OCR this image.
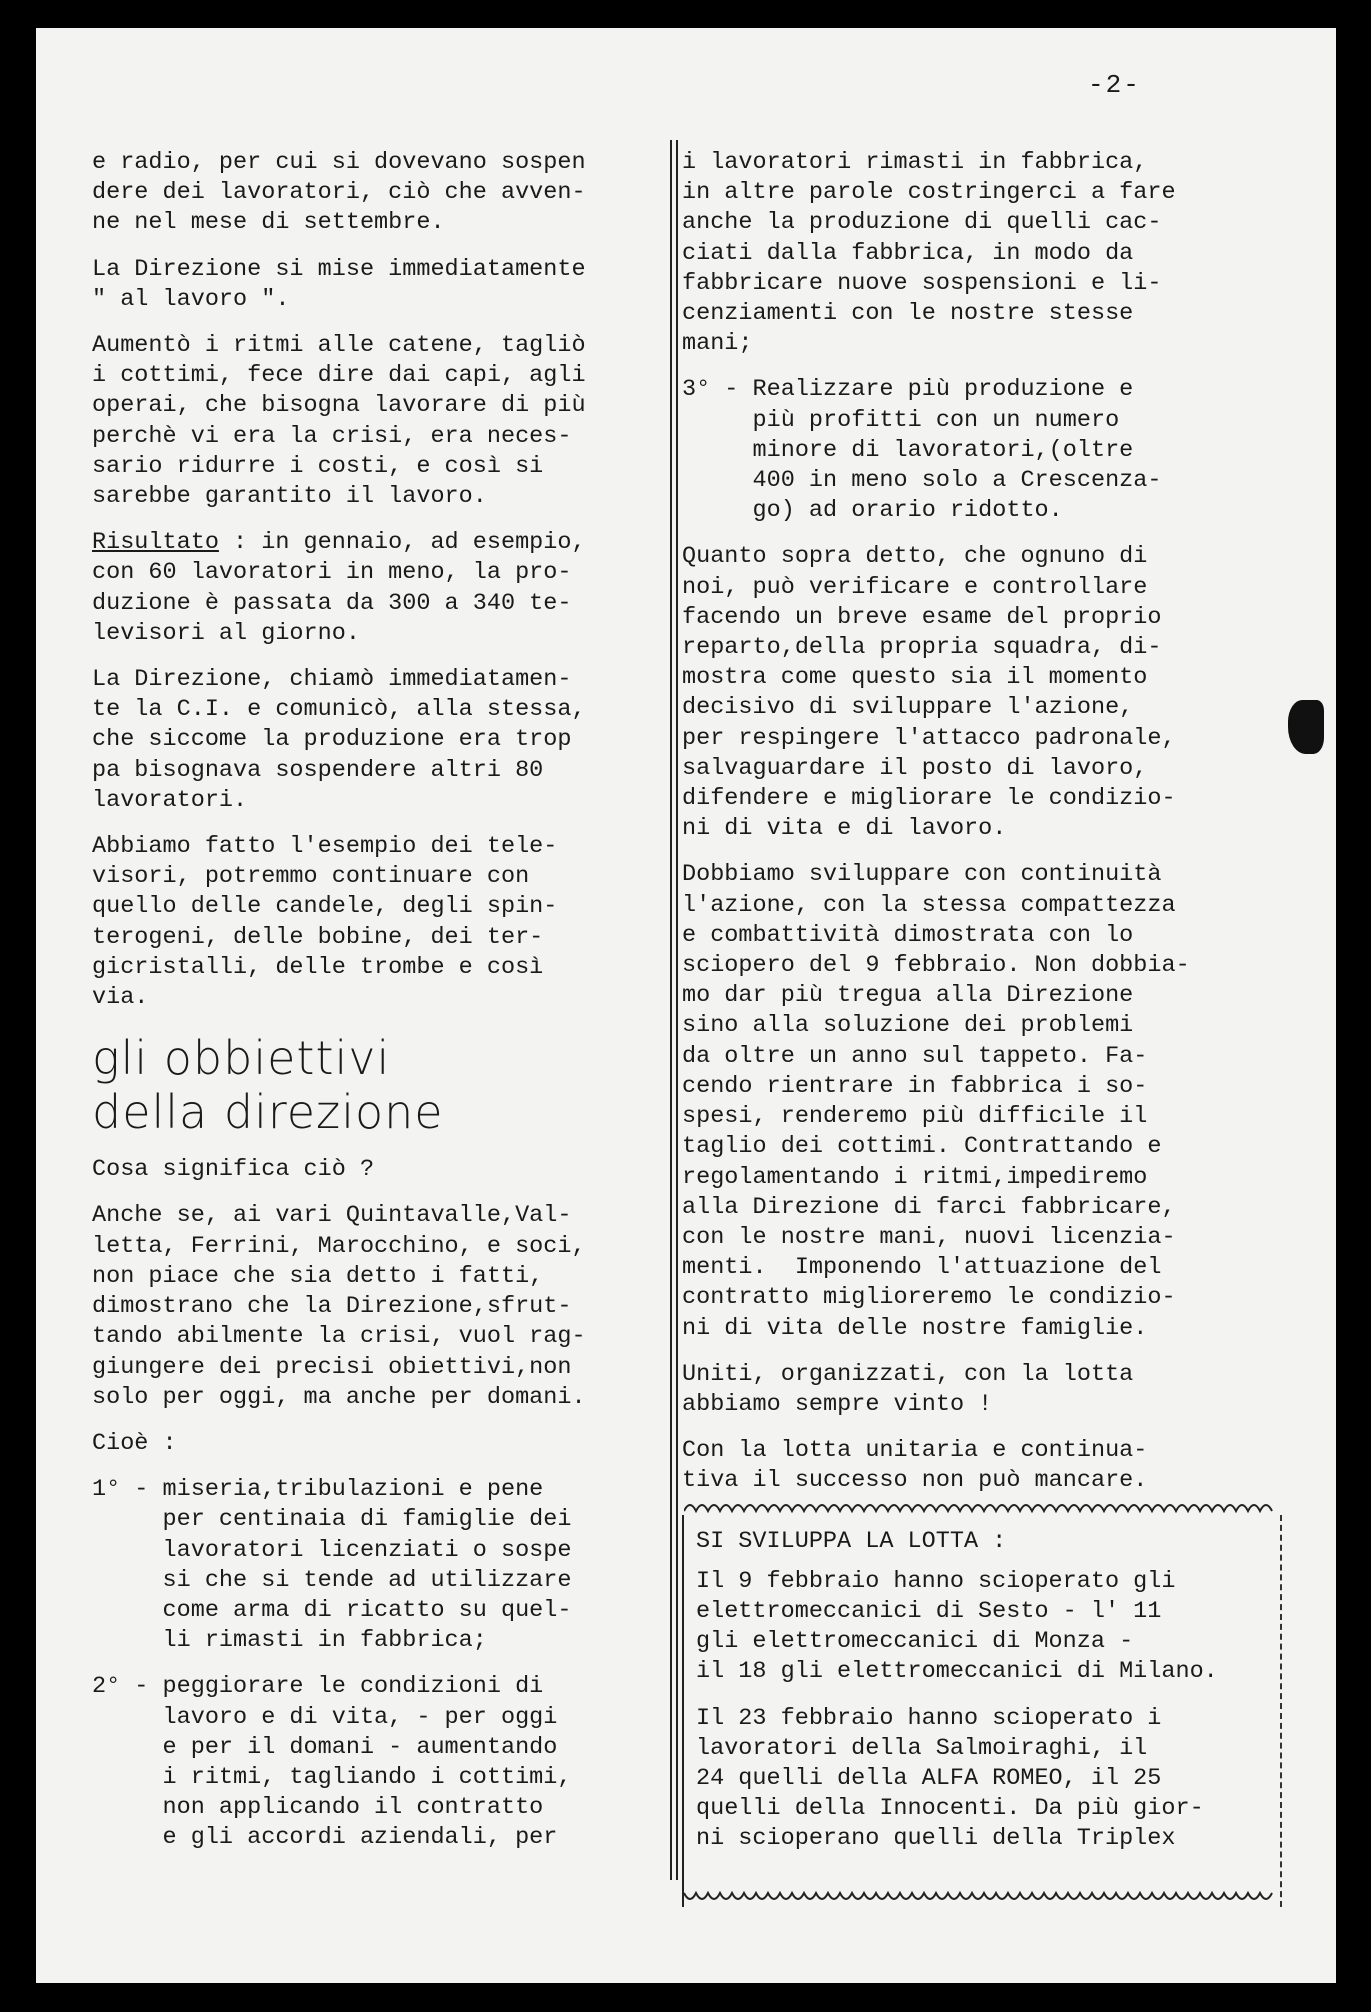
-2-

e radio, per cui si dovevano sospen
dere dei lavoratori, ciò che avven-
ne nel mese di settembre.

La Direzione si mise immediatamente
" al lavoro ".

Aumentò i ritmi alle catene, tagliò
i cottimi, fece dire dai capi, agli
operai, che bisogna lavorare di più
perchè vi era la crisi, era neces-
sario ridurre i costi, e così si
sarebbe garantito il lavoro.

Risultato : in gennaio, ad esempio,
con 60 lavoratori in meno, la pro-
duzione è passata da 300 a 340 te-
levisori al giorno.

La Direzione, chiamò immediatamen-
te la C.I. e comunicò, alla stessa,
che siccome la produzione era trop
pa bisognava sospendere altri 80
lavoratori.

Abbiamo fatto l'esempio dei tele-
visori, potremmo continuare con
quello delle candele, degli spin-
terogeni, delle bobine, dei ter-
gicristalli, delle trombe e così
via.

gli obbiettivi
della direzione

Cosa significa ciò ?

Anche se, ai vari Quintavalle,Val-
letta, Ferrini, Marocchino, e soci,
non piace che sia detto i fatti,
dimostrano che la Direzione,sfrut-
tando abilmente la crisi, vuol rag-
giungere dei precisi obiettivi,non
solo per oggi, ma anche per domani.

Cioè :

1° - miseria,tribulazioni e pene
per centinaia di famiglie dei
lavoratori licenziati o sospe
si che si tende ad utilizzare
come arma di ricatto su quel-
li rimasti in fabbrica;

2° - peggiorare le condizioni di
lavoro e di vita, - per oggi
e per il domani - aumentando
i ritmi, tagliando i cottimi,
non applicando il contratto
e gli accordi aziendali, per

i lavoratori rimasti in fabbrica,
in altre parole costringerci a fare
anche la produzione di quelli cac-
ciati dalla fabbrica, in modo da
fabbricare nuove sospensioni e li-
cenziamenti con le nostre stesse
mani;

3° - Realizzare più produzione e
più profitti con un numero
minore di lavoratori,(oltre
400 in meno solo a Crescenza-
go) ad orario ridotto.

Quanto sopra detto, che ognuno di
noi, può verificare e controllare
facendo un breve esame del proprio
reparto,della propria squadra, di-
mostra come questo sia il momento
decisivo di sviluppare l'azione,
per respingere l'attacco padronale,
salvaguardare il posto di lavoro,
difendere e migliorare le condizio-
ni di vita e di lavoro.

Dobbiamo sviluppare con continuità
l'azione, con la stessa compattezza
e combattività dimostrata con lo
sciopero del 9 febbraio. Non dobbia-
mo dar più tregua alla Direzione
sino alla soluzione dei problemi
da oltre un anno sul tappeto. Fa-
cendo rientrare in fabbrica i so-
spesi, renderemo più difficile il
taglio dei cottimi. Contrattando e
regolamentando i ritmi,impediremo
alla Direzione di farci fabbricare,
con le nostre mani, nuovi licenzia-
menti.  Imponendo l'attuazione del
contratto miglioreremo le condizio-
ni di vita delle nostre famiglie.

Uniti, organizzati, con la lotta
abbiamo sempre vinto !

Con la lotta unitaria e continua-
tiva il successo non può mancare.

SI SVILUPPA LA LOTTA :

Il 9 febbraio hanno scioperato gli
elettromeccanici di Sesto - l' 11
gli elettromeccanici di Monza -
il 18 gli elettromeccanici di Milano.

Il 23 febbraio hanno scioperato i
lavoratori della Salmoiraghi, il
24 quelli della ALFA ROMEO, il 25
quelli della Innocenti. Da più gior-
ni scioperano quelli della Triplex
